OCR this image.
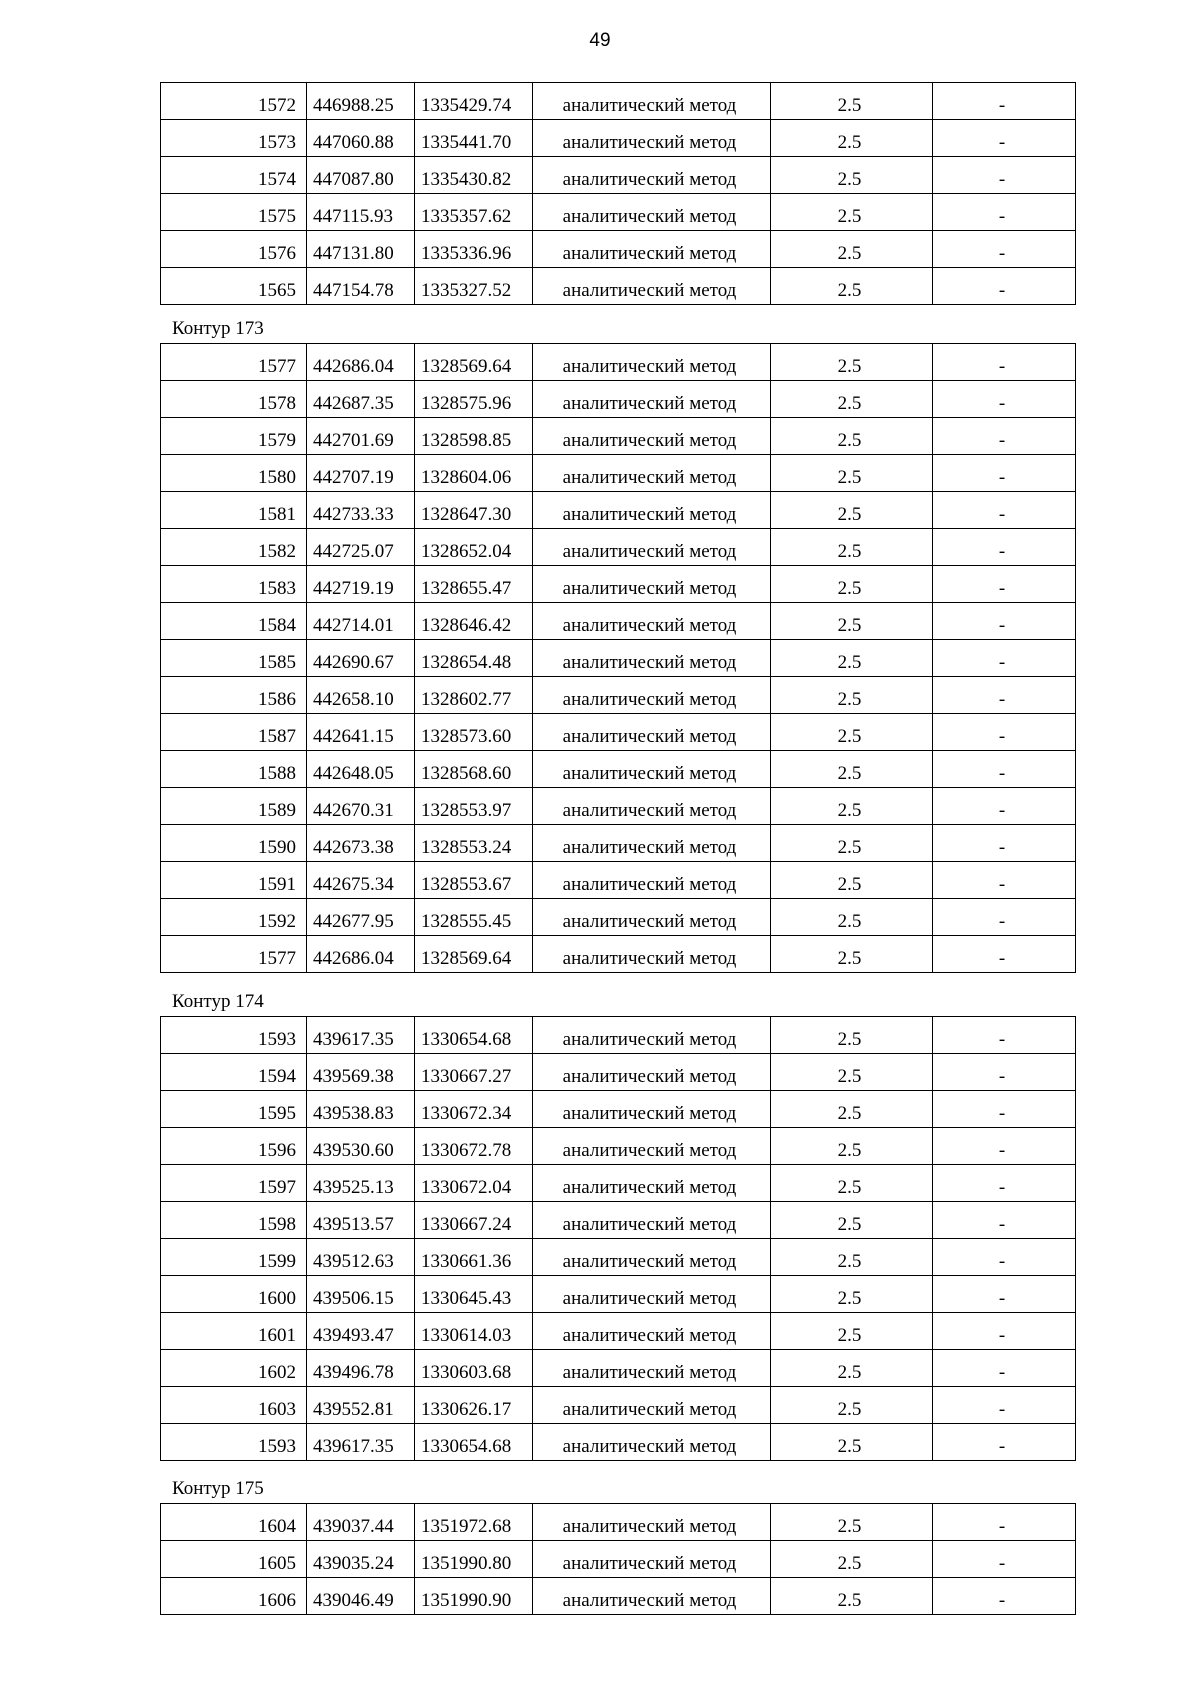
49
1572	446988.25	1335429.74	аналитический метод	2.5	-
1573	447060.88	1335441.70	аналитический метод	2.5	-
1574	447087.80	1335430.82	аналитический метод	2.5	-
1575	447115.93	1335357.62	аналитический метод	2.5	-
1576	447131.80	1335336.96	аналитический метод	2.5	-
1565	447154.78	1335327.52	аналитический метод	2.5	-
Контур 173
1577	442686.04	1328569.64	аналитический метод	2.5	-
1578	442687.35	1328575.96	аналитический метод	2.5	-
1579	442701.69	1328598.85	аналитический метод	2.5	-
1580	442707.19	1328604.06	аналитический метод	2.5	-
1581	442733.33	1328647.30	аналитический метод	2.5	-
1582	442725.07	1328652.04	аналитический метод	2.5	-
1583	442719.19	1328655.47	аналитический метод	2.5	-
1584	442714.01	1328646.42	аналитический метод	2.5	-
1585	442690.67	1328654.48	аналитический метод	2.5	-
1586	442658.10	1328602.77	аналитический метод	2.5	-
1587	442641.15	1328573.60	аналитический метод	2.5	-
1588	442648.05	1328568.60	аналитический метод	2.5	-
1589	442670.31	1328553.97	аналитический метод	2.5	-
1590	442673.38	1328553.24	аналитический метод	2.5	-
1591	442675.34	1328553.67	аналитический метод	2.5	-
1592	442677.95	1328555.45	аналитический метод	2.5	-
1577	442686.04	1328569.64	аналитический метод	2.5	-
Контур 174
1593	439617.35	1330654.68	аналитический метод	2.5	-
1594	439569.38	1330667.27	аналитический метод	2.5	-
1595	439538.83	1330672.34	аналитический метод	2.5	-
1596	439530.60	1330672.78	аналитический метод	2.5	-
1597	439525.13	1330672.04	аналитический метод	2.5	-
1598	439513.57	1330667.24	аналитический метод	2.5	-
1599	439512.63	1330661.36	аналитический метод	2.5	-
1600	439506.15	1330645.43	аналитический метод	2.5	-
1601	439493.47	1330614.03	аналитический метод	2.5	-
1602	439496.78	1330603.68	аналитический метод	2.5	-
1603	439552.81	1330626.17	аналитический метод	2.5	-
1593	439617.35	1330654.68	аналитический метод	2.5	-
Контур 175
1604	439037.44	1351972.68	аналитический метод	2.5	-
1605	439035.24	1351990.80	аналитический метод	2.5	-
1606	439046.49	1351990.90	аналитический метод	2.5	-
